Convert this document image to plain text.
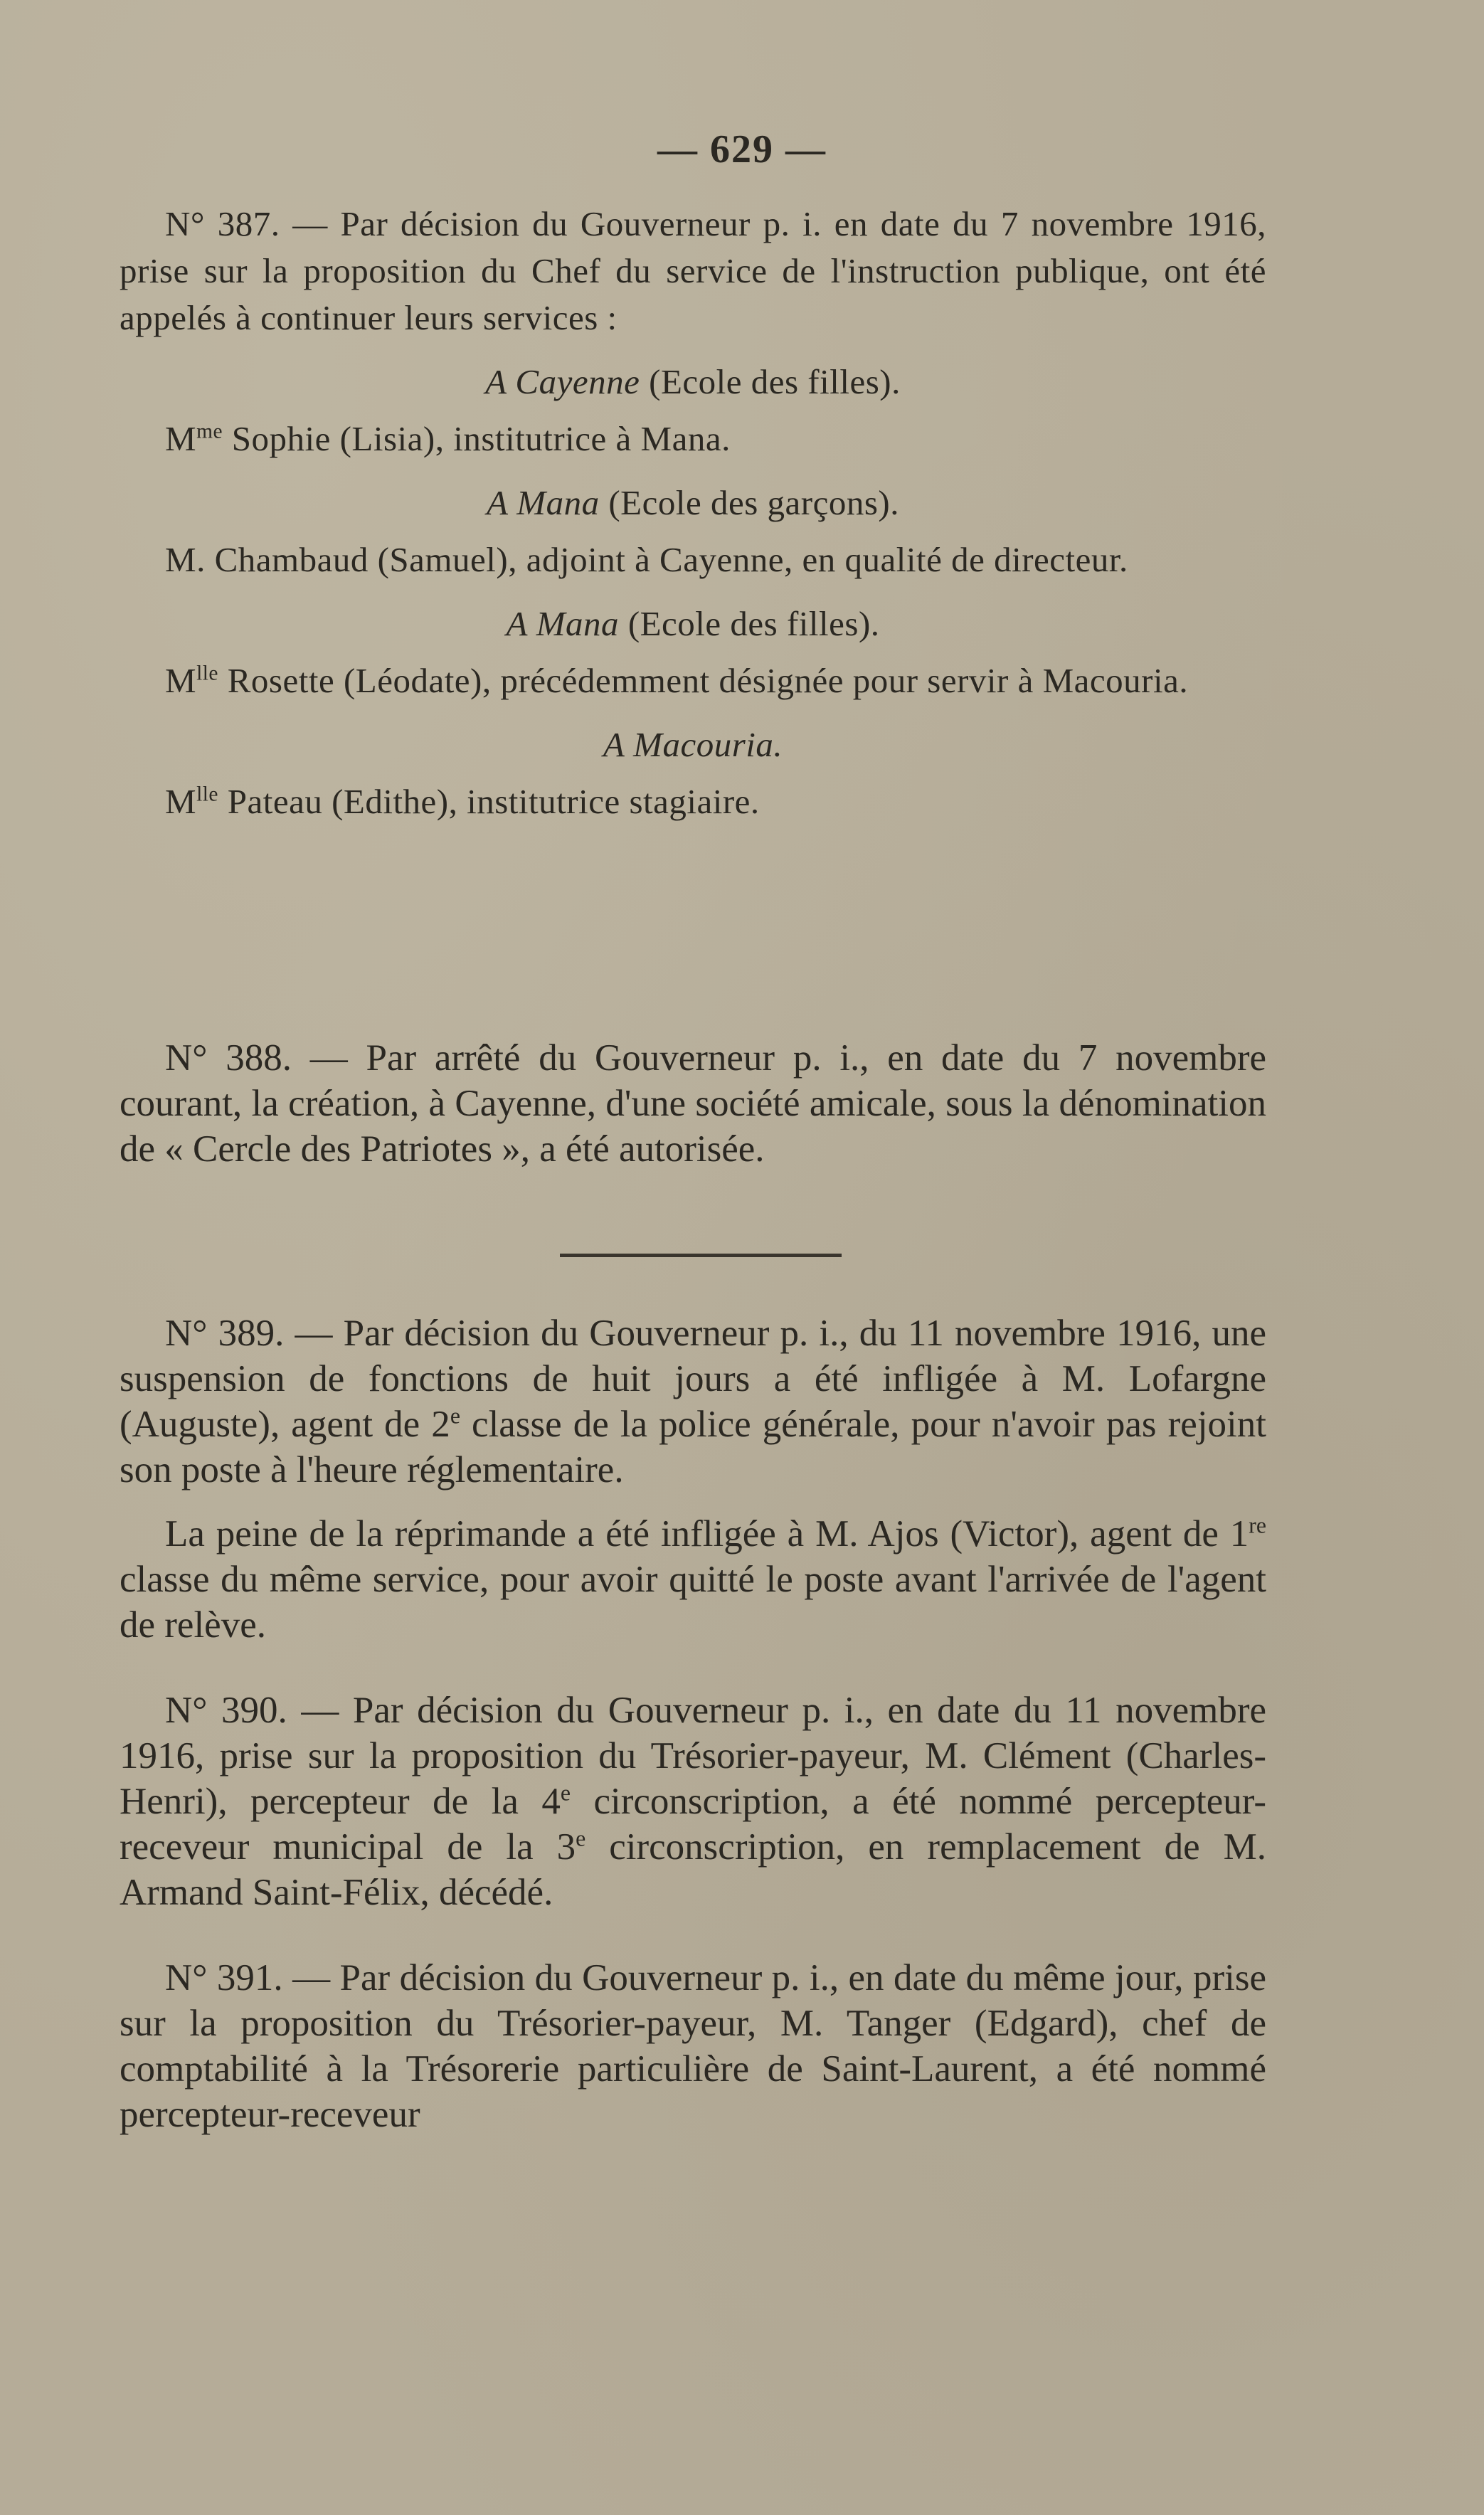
— 629 —

N° 387. — Par décision du Gouverneur p. i. en date du 7 novembre 1916, prise sur la proposition du Chef du service de l'instruction publique, ont été appelés à continuer leurs services :

A Cayenne (Ecole des filles).

$M^{me}$ Sophie (Lisia), institutrice à Mana.

A Mana (Ecole des garçons).

M. Chambaud (Samuel), adjoint à Cayenne, en qualité de directeur.

A Mana (Ecole des filles).

$M^{lle}$ Rosette (Léodate), précédemment désignée pour servir à Macouria.

A Macouria.

$M^{lle}$ Pateau (Edithe), institutrice stagiaire.

N° 388. — Par arrêté du Gouverneur p. i., en date du 7 novembre courant, la création, à Cayenne, d'une société amicale, sous la dénomination de « Cercle des Patriotes », a été autorisée.

N° 389. — Par décision du Gouverneur p. i., du 11 novembre 1916, une suspension de fonctions de huit jours a été infligée à M. Lofargne (Auguste), agent de 2e classe de la police générale, pour n'avoir pas rejoint son poste à l'heure réglementaire.

La peine de la réprimande a été infligée à M. Ajos (Victor), agent de 1re classe du même service, pour avoir quitté le poste avant l'arrivée de l'agent de relève.

N° 390. — Par décision du Gouverneur p. i., en date du 11 novembre 1916, prise sur la proposition du Trésorier-payeur, M. Clément (Charles-Henri), percepteur de la 4e circonscription, a été nommé percepteur-receveur municipal de la 3e circonscription, en remplacement de M. Armand Saint-Félix, décédé.

N° 391. — Par décision du Gouverneur p. i., en date du même jour, prise sur la proposition du Trésorier-payeur, M. Tanger (Edgard), chef de comptabilité à la Trésorerie particulière de Saint-Laurent, a été nommé percepteur-receveur
